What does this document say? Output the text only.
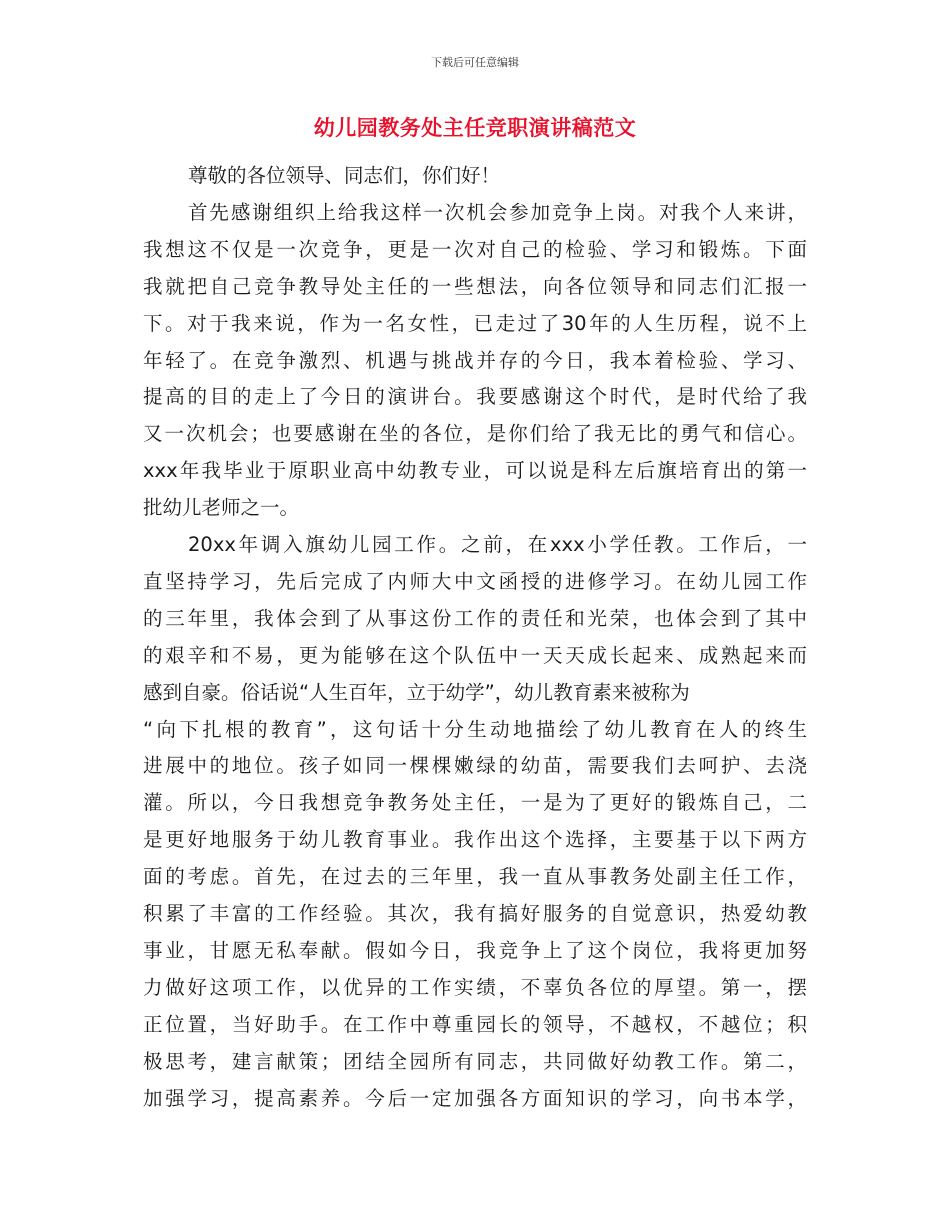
下载后可任意编辑
幼儿园教务处主任竞职演讲稿范文
尊敬的各位领导、同志们，你们好！
首先感谢组织上给我这样一次机会参加竞争上岗。对我个人来讲，
我想这不仅是一次竞争，更是一次对自己的检验、学习和锻炼。下面
我就把自己竞争教导处主任的一些想法，向各位领导和同志们汇报一
下。对于我来说，作为一名女性，已走过了30年的人生历程，说不上
年轻了。在竞争激烈、机遇与挑战并存的今日，我本着检验、学习、
提高的目的走上了今日的演讲台。我要感谢这个时代，是时代给了我
又一次机会；也要感谢在坐的各位，是你们给了我无比的勇气和信心。
xxx年我毕业于原职业高中幼教专业，可以说是科左后旗培育出的第一
批幼儿老师之一。
20xx年调入旗幼儿园工作。之前，在xxx小学任教。工作后，一
直坚持学习，先后完成了内师大中文函授的进修学习。在幼儿园工作
的三年里，我体会到了从事这份工作的责任和光荣，也体会到了其中
的艰辛和不易，更为能够在这个队伍中一天天成长起来、成熟起来而
感到自豪。俗话说“人生百年，立于幼学”，幼儿教育素来被称为
“向下扎根的教育”，这句话十分生动地描绘了幼儿教育在人的终生
进展中的地位。孩子如同一棵棵嫩绿的幼苗，需要我们去呵护、去浇
灌。所以，今日我想竞争教务处主任，一是为了更好的锻炼自己，二
是更好地服务于幼儿教育事业。我作出这个选择，主要基于以下两方
面的考虑。首先，在过去的三年里，我一直从事教务处副主任工作，
积累了丰富的工作经验。其次，我有搞好服务的自觉意识，热爱幼教
事业，甘愿无私奉献。假如今日，我竞争上了这个岗位，我将更加努
力做好这项工作，以优异的工作实绩，不辜负各位的厚望。第一，摆
正位置，当好助手。在工作中尊重园长的领导，不越权，不越位；积
极思考，建言献策；团结全园所有同志，共同做好幼教工作。第二，
加强学习，提高素养。今后一定加强各方面知识的学习，向书本学，
